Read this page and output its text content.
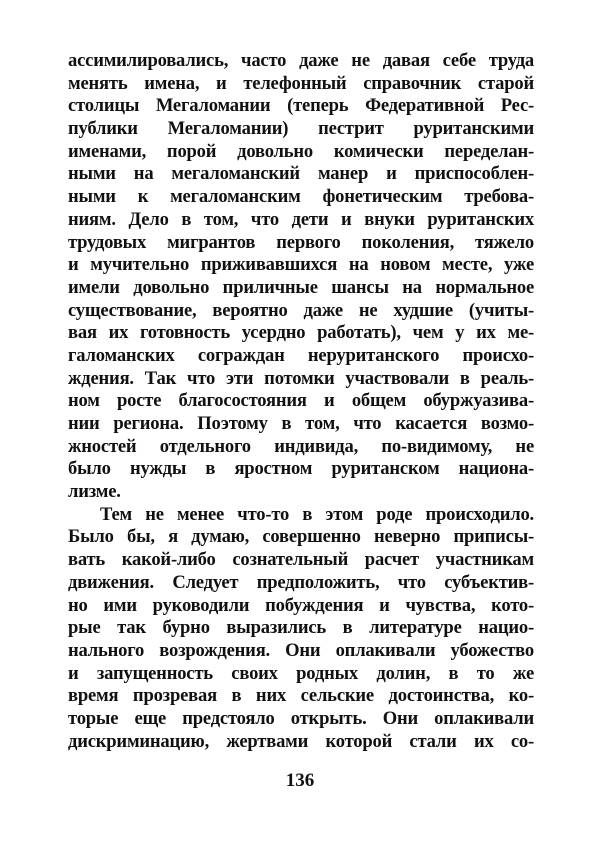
ассимилировались, часто даже не давая себе труда
менять имена, и телефонный справочник старой
столицы Мегаломании (теперь Федеративной Рес-
публики Мегаломании) пестрит руританскими
именами, порой довольно комически переделан-
ными на мегаломанский манер и приспособлен-
ными к мегаломанским фонетическим требова-
ниям. Дело в том, что дети и внуки руританских
трудовых мигрантов первого поколения, тяжело
и мучительно приживавшихся на новом месте, уже
имели довольно приличные шансы на нормальное
существование, вероятно даже не худшие (учиты-
вая их готовность усердно работать), чем у их ме-
галоманских сограждан неруританского происхо-
ждения. Так что эти потомки участвовали в реаль-
ном росте благосостояния и общем обуржуазива-
нии региона. Поэтому в том, что касается возмо-
жностей отдельного индивида, по-видимому, не
было нужды в яростном руританском национа-
лизме.
Тем не менее что-то в этом роде происходило.
Было бы, я думаю, совершенно неверно приписы-
вать какой-либо сознательный расчет участникам
движения. Следует предположить, что субъектив-
но ими руководили побуждения и чувства, кото-
рые так бурно выразились в литературе нацио-
нального возрождения. Они оплакивали убожество
и запущенность своих родных долин, в то же
время прозревая в них сельские достоинства, ко-
торые еще предстояло открыть. Они оплакивали
дискриминацию, жертвами которой стали их со-
136
